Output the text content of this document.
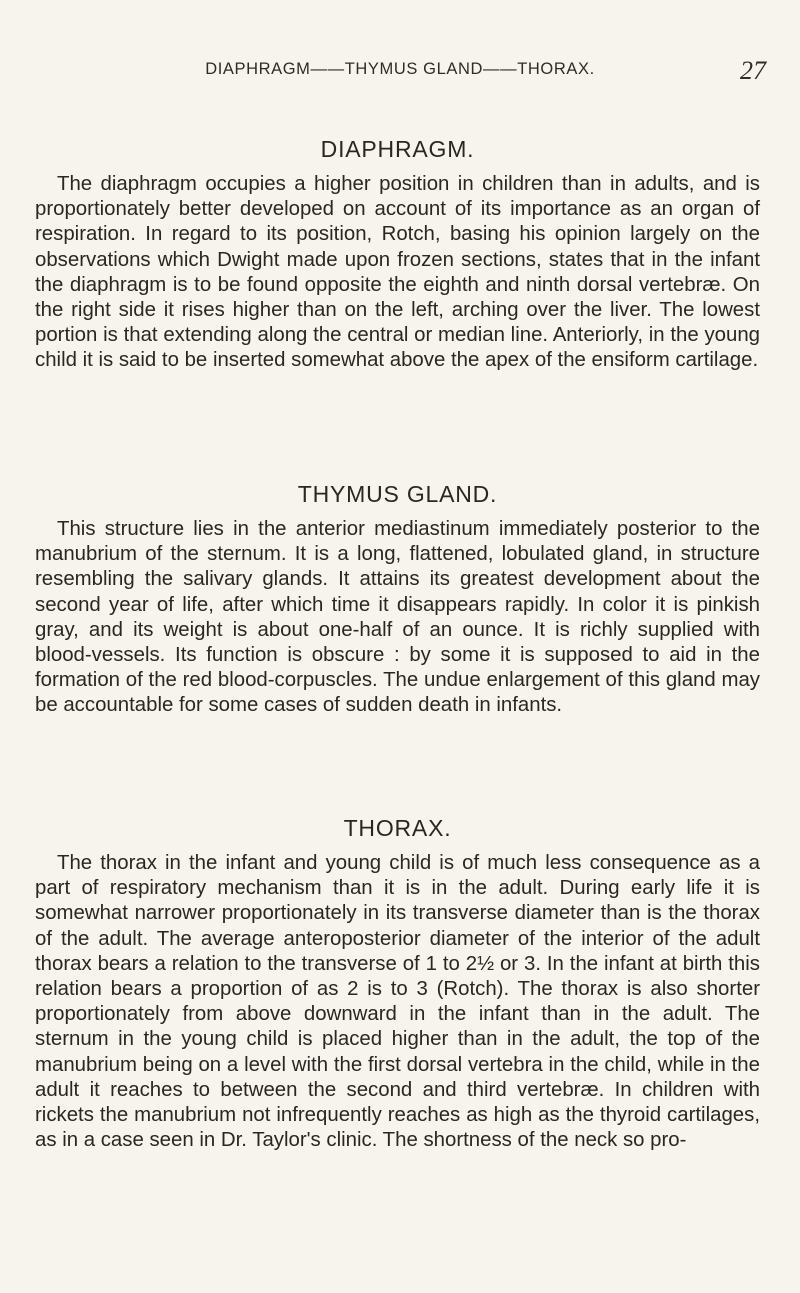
DIAPHRAGM——THYMUS GLAND——THORAX.	27
DIAPHRAGM.

The diaphragm occupies a higher position in children than in adults, and is proportionately better developed on account of its importance as an organ of respiration. In regard to its position, Rotch, basing his opinion largely on the observations which Dwight made upon frozen sections, states that in the infant the diaphragm is to be found opposite the eighth and ninth dorsal vertebræ. On the right side it rises higher than on the left, arching over the liver. The lowest portion is that extending along the central or median line. Anteriorly, in the young child it is said to be inserted somewhat above the apex of the ensiform cartilage.

THYMUS GLAND.

This structure lies in the anterior mediastinum immediately posterior to the manubrium of the sternum. It is a long, flattened, lobulated gland, in structure resembling the salivary glands. It attains its greatest development about the second year of life, after which time it disappears rapidly. In color it is pinkish gray, and its weight is about one-half of an ounce. It is richly supplied with blood-vessels. Its function is obscure : by some it is supposed to aid in the formation of the red blood-corpuscles. The undue enlargement of this gland may be accountable for some cases of sudden death in infants.

THORAX.

The thorax in the infant and young child is of much less consequence as a part of respiratory mechanism than it is in the adult. During early life it is somewhat narrower proportionately in its transverse diameter than is the thorax of the adult. The average anteroposterior diameter of the interior of the adult thorax bears a relation to the transverse of 1 to 2½ or 3. In the infant at birth this relation bears a proportion of as 2 is to 3 (Rotch). The thorax is also shorter proportionately from above downward in the infant than in the adult. The sternum in the young child is placed higher than in the adult, the top of the manubrium being on a level with the first dorsal vertebra in the child, while in the adult it reaches to between the second and third vertebræ. In children with rickets the manubrium not infrequently reaches as high as the thyroid cartilages, as in a case seen in Dr. Taylor's clinic. The shortness of the neck so pro-
